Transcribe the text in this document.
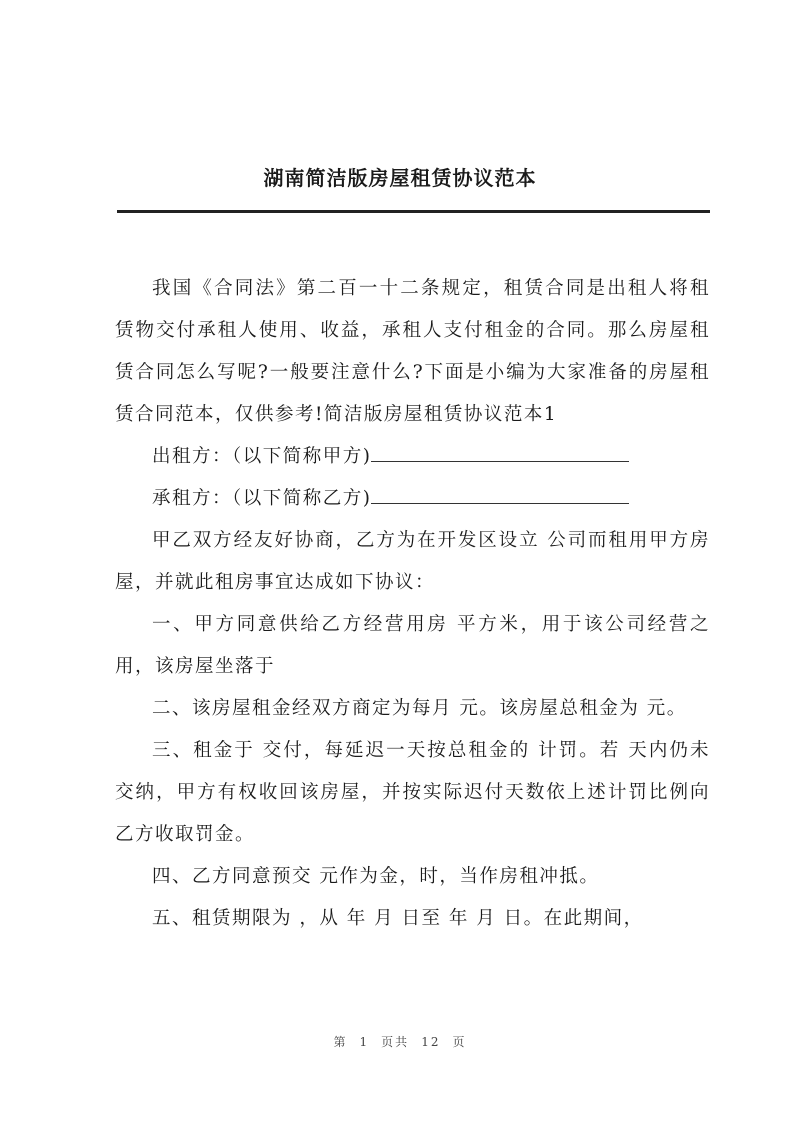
湖南简洁版房屋租赁协议范本

我国《合同法》第二百一十二条规定，租赁合同是出租人将租赁物交付承租人使用、收益，承租人支付租金的合同。那么房屋租赁合同怎么写呢?一般要注意什么?下面是小编为大家准备的房屋租赁合同范本，仅供参考!简洁版房屋租赁协议范本1

出租方：（以下简称甲方)
承租方：（以下简称乙方)

甲乙双方经友好协商，乙方为在开发区设立 公司而租用甲方房屋，并就此租房事宜达成如下协议：

一、甲方同意供给乙方经营用房 平方米，用于该公司经营之用，该房屋坐落于

二、该房屋租金经双方商定为每月 元。该房屋总租金为 元。

三、租金于 交付，每延迟一天按总租金的 计罚。若 天内仍未交纳，甲方有权收回该房屋，并按实际迟付天数依上述计罚比例向乙方收取罚金。

四、乙方同意预交 元作为金，时，当作房租冲抵。

五、租赁期限为 ，从 年 月 日至 年 月 日。在此期间，

第 1 页共 12 页
